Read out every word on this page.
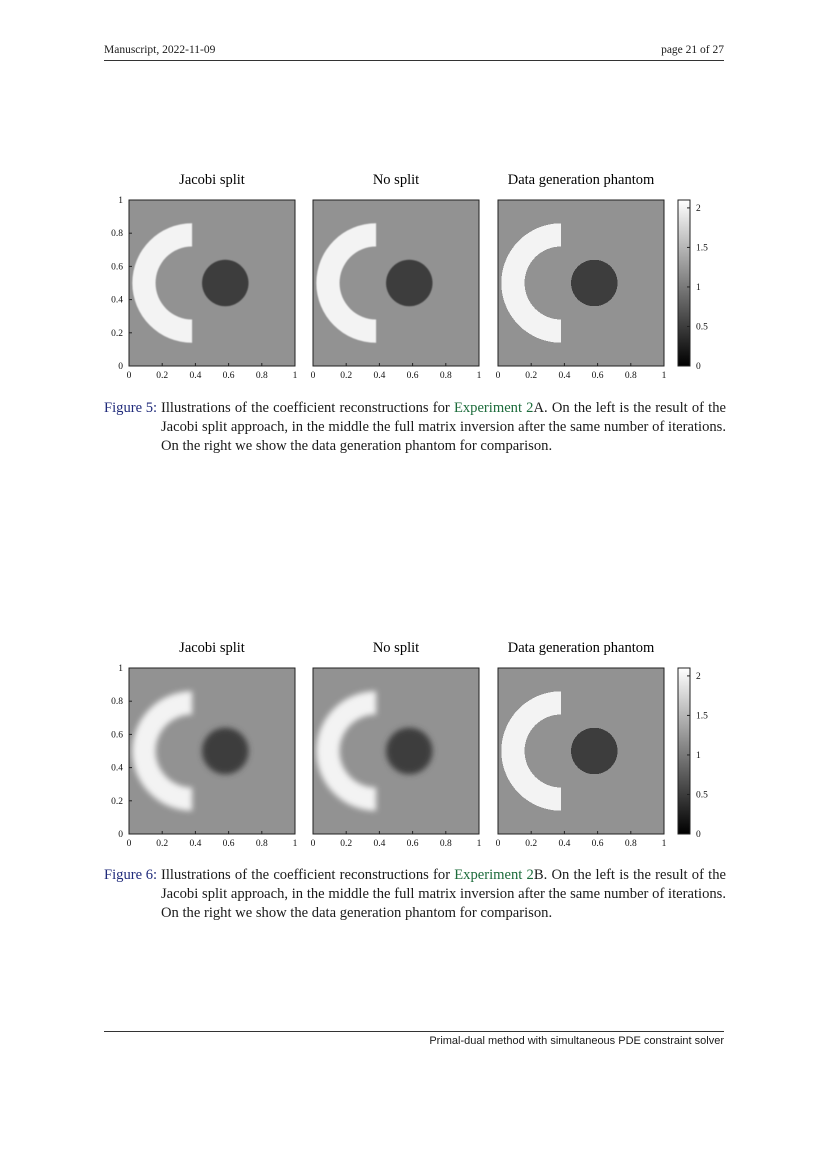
Manuscript, 2022-11-09	page 21 of 27
Jacobi split
0	0.2 0.4 0.6 0.8	1
No split
0	0.2 0.4 0.6 0.8	1
Data generation phantom
0	0.2 0.4 0.6 0.8	1
0
0.2
0.4
0.6
0.8
1
0
0.5
1
1.5
2
Figure 5: Illustrations of the coefficient reconstructions for Experiment 2A. On the left is the result of the Jacobi split approach, in the middle the full matrix inversion after the same number of iterations. On the right we show the data generation phantom for comparison.
Jacobi split
0	0.2 0.4 0.6 0.8	1
No split
0	0.2 0.4 0.6 0.8	1
Data generation phantom
0	0.2 0.4 0.6 0.8	1
0
0.2
0.4
0.6
0.8
1
0
0.5
1
1.5
2
Figure 6: Illustrations of the coefficient reconstructions for Experiment 2B. On the left is the result of the Jacobi split approach, in the middle the full matrix inversion after the same number of iterations. On the right we show the data generation phantom for comparison.
Primal-dual method with simultaneous PDE constraint solver
